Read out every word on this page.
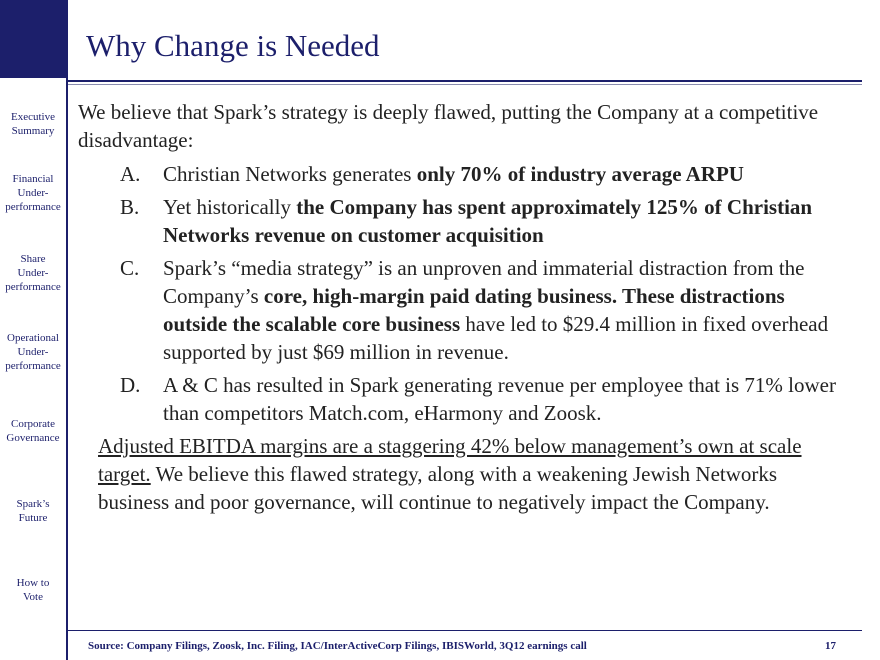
Executive
Summary
Financial
Under-
performance
Share
Under-
performance
Operational
Under-
performance
Corporate
Governance
Spark’s
Future
How to
Vote
Why Change is Needed

We believe that Spark’s strategy is deeply flawed, putting the Company at a competitive disadvantage:

A. Christian Networks generates only 70% of industry average ARPU
B. Yet historically the Company has spent approximately 125% of Christian Networks revenue on customer acquisition
C. Spark’s “media strategy” is an unproven and immaterial distraction from the Company’s core, high-margin paid dating business. These distractions outside the scalable core business have led to $29.4 million in fixed overhead supported by just $69 million in revenue.
D. A & C has resulted in Spark generating revenue per employee that is 71% lower than competitors Match.com, eHarmony and Zoosk.

Adjusted EBITDA margins are a staggering 42% below management’s own at scale target. We believe this flawed strategy, along with a weakening Jewish Networks business and poor governance, will continue to negatively impact the Company.

Source: Company Filings, Zoosk, Inc. Filing, IAC/InterActiveCorp Filings, IBISWorld, 3Q12 earnings call	17
